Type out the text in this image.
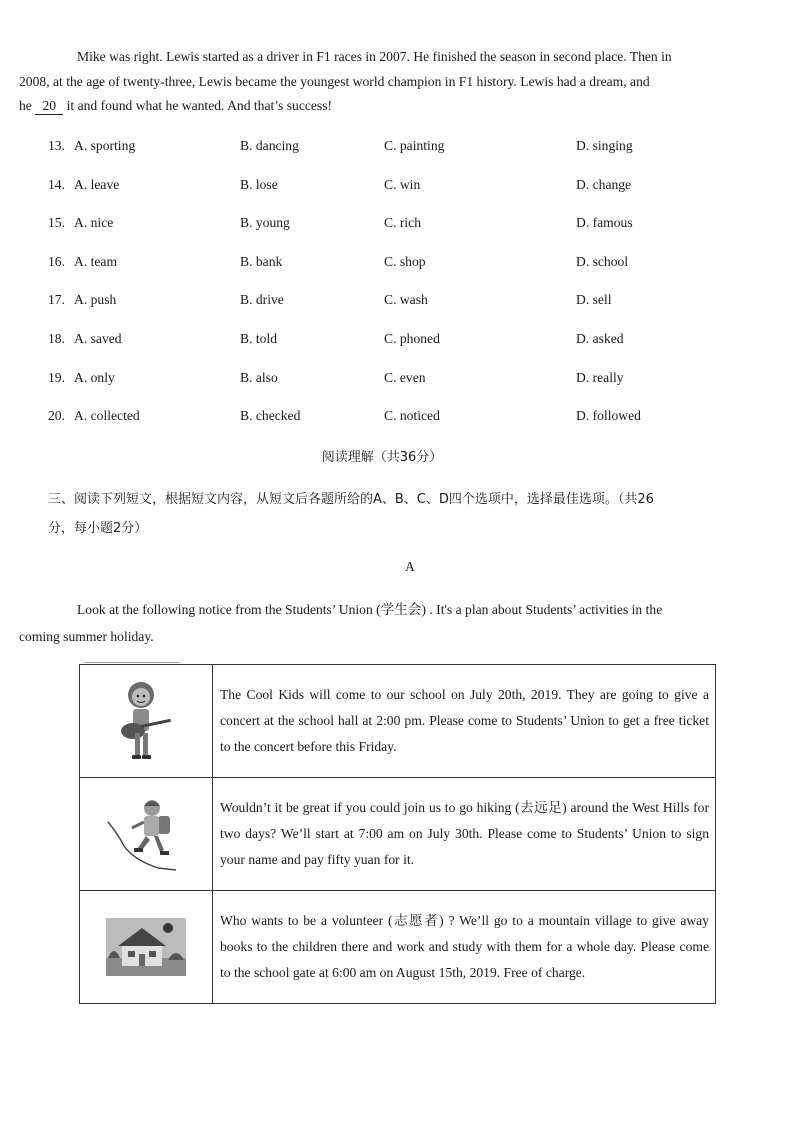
Mike was right. Lewis started as a driver in F1 races in 2007. He finished the season in second place. Then in
2008, at the age of twenty-three, Lewis became the youngest world champion in F1 history. Lewis had a dream, and
he 20 it and found what he wanted. And that’s success!
13. A. sporting	B. dancing	C. painting	D. singing
14. A. leave	B. lose	C. win	D. change
15. A. nice	B. young	C. rich	D. famous
16. A. team	B. bank	C. shop	D. school
17. A. push	B. drive	C. wash	D. sell
18. A. saved	B. told	C. phoned	D. asked
19. A. only	B. also	C. even	D. really
20. A. collected	B. checked	C. noticed	D. followed
阅读理解（共36分）
三、阅读下列短文，根据短文内容，从短文后各题所给的A、B、C、D四个选项中，选择最佳选项。（共26
分，每小题2分）
A
Look at the following notice from the Students’ Union (学生会) . It's a plan about Students’ activities in the
coming summer holiday.
	The Cool Kids will come to our school on July 20th, 2019. They are going to give a concert at the school hall at 2:00 pm. Please come to Students’ Union to get a free ticket to the concert before this Friday.

	Wouldn’t it be great if you could join us to go hiking (去远足) around the West Hills for two days? We’ll start at 7:00 am on July 30th. Please come to Students’ Union to sign your name and pay fifty yuan for it.

	Who wants to be a volunteer (志愿者) ? We’ll go to a mountain village to give away books to the children there and work and study with them for a whole day. Please come to the school gate at 6:00 am on August 15th, 2019. Free of charge.
